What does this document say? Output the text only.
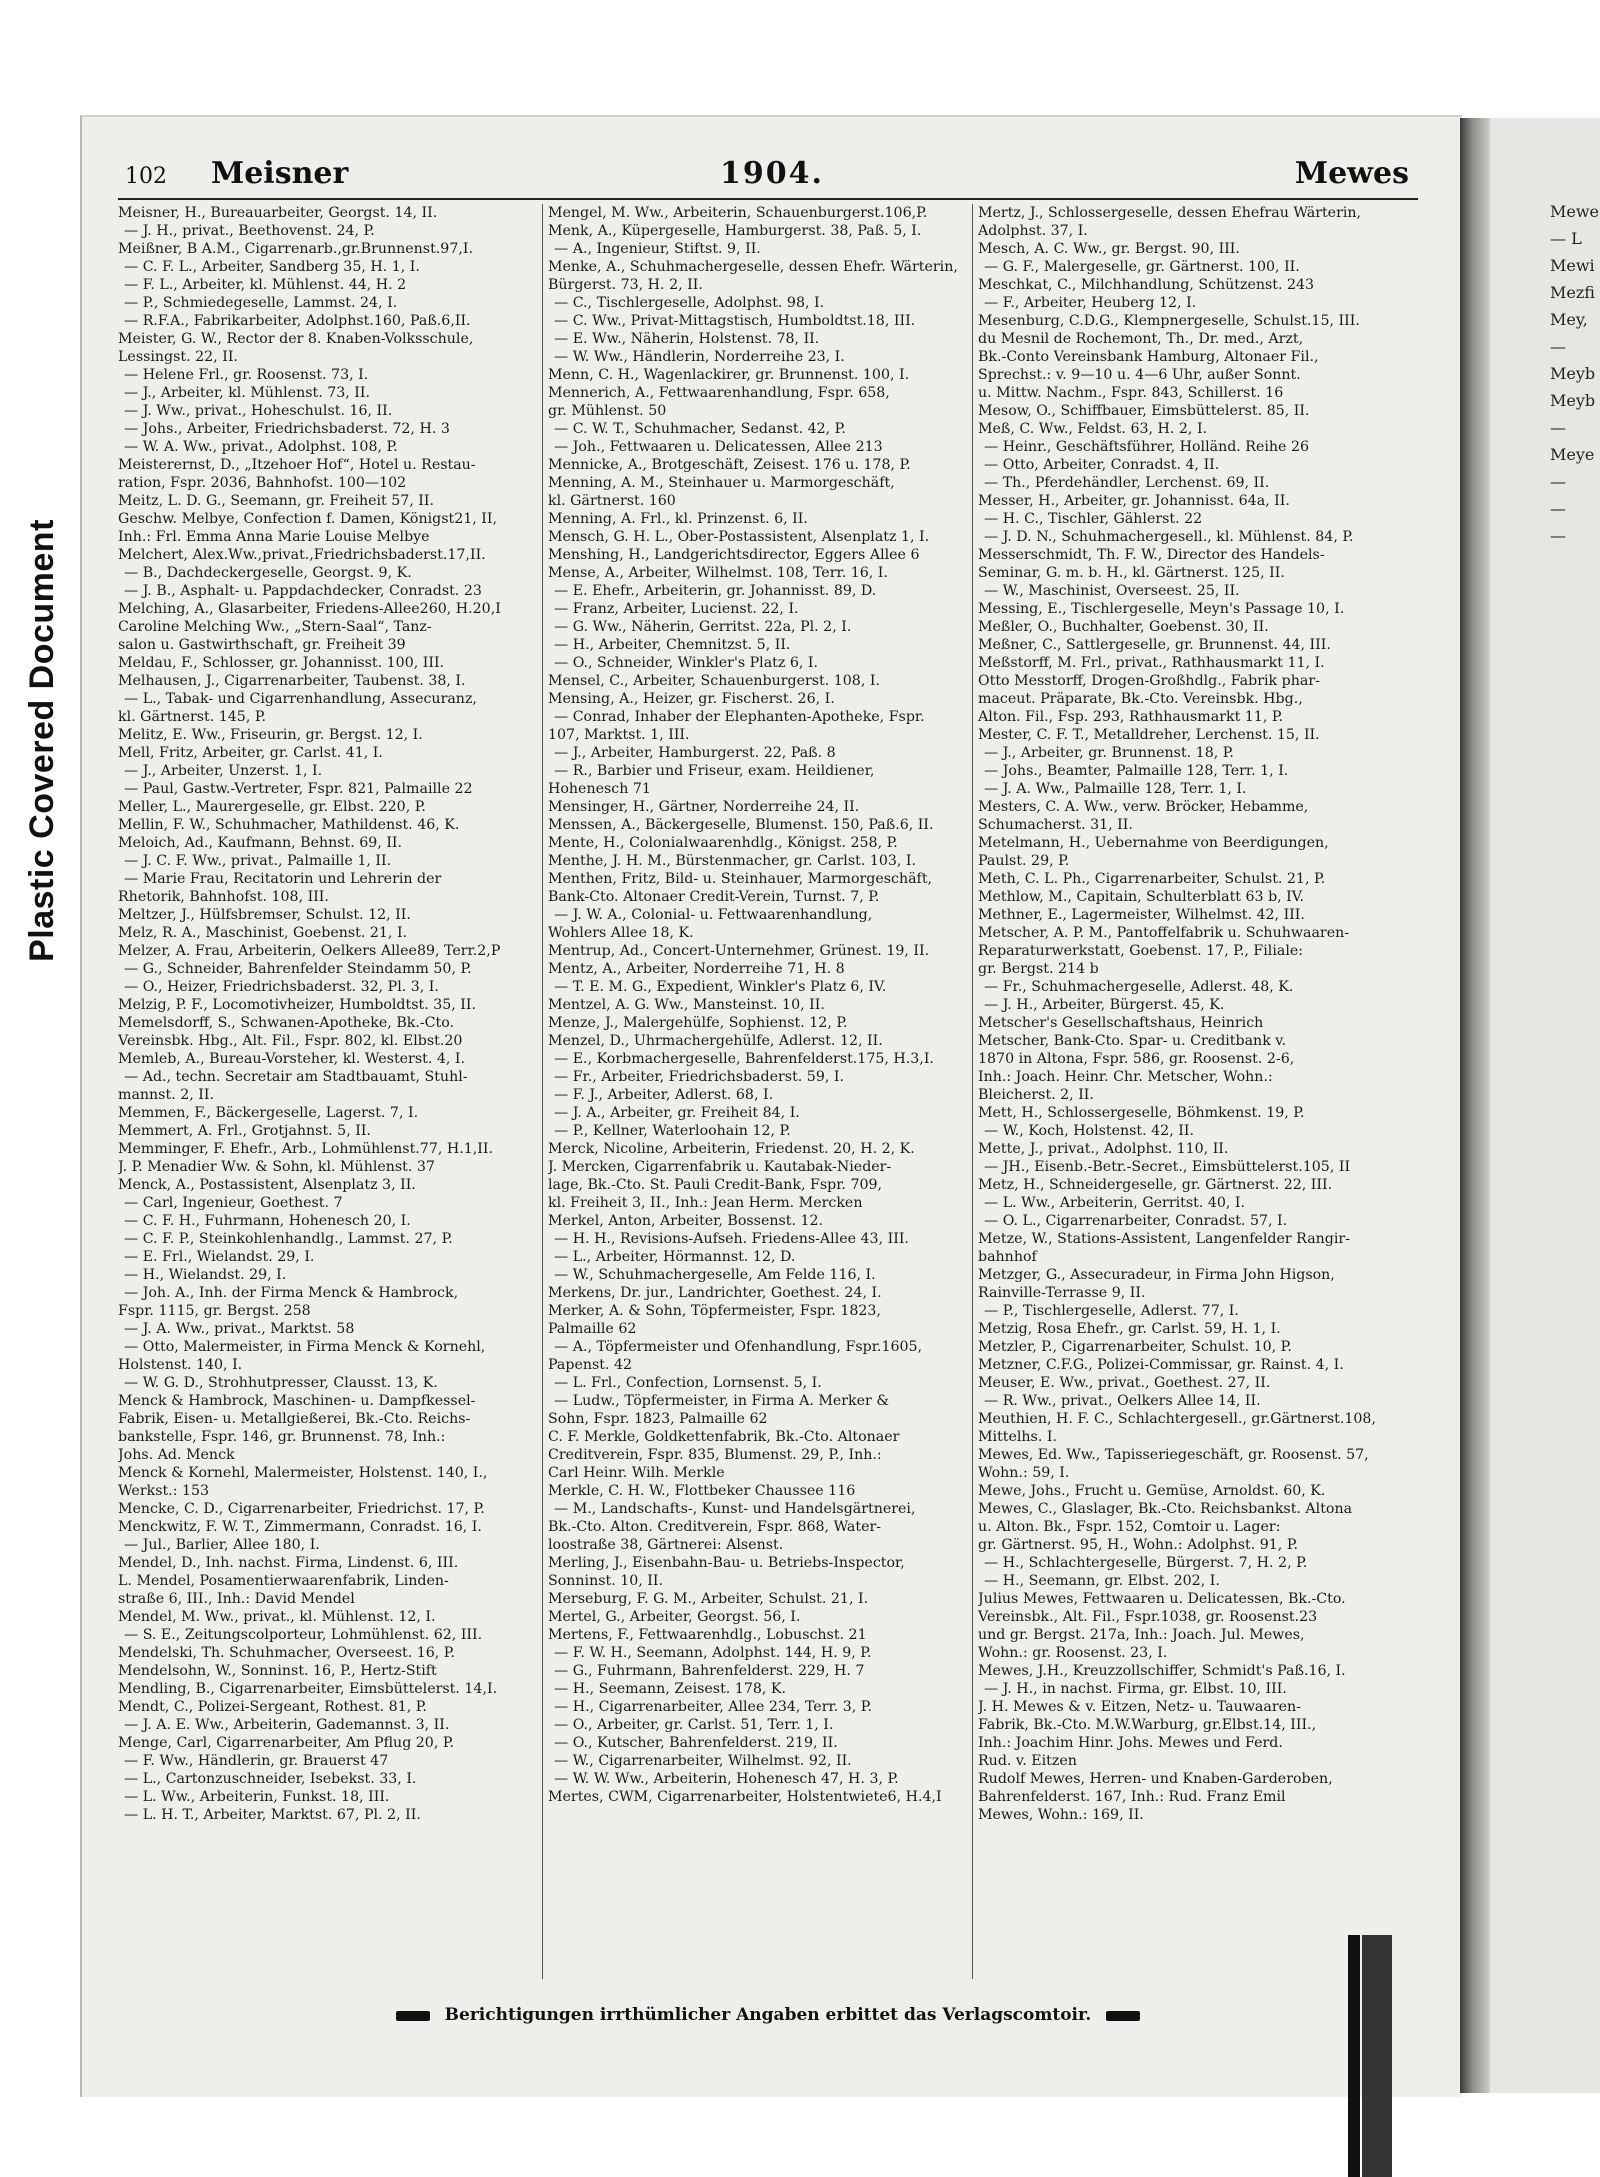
Plastic Covered Document
Mewe
— L
Mewi
Mezfi
Mey,
—
Meyb
Meyb
—
Meye
—
—
—
102 Meisner	1904.	Mewes
Meisner, H., Bureauarbeiter, Georgst. 14, II.
— J. H., privat., Beethovenst. 24, P.
Meißner, B A.M., Cigarrenarb.,gr.Brunnenst.97,I.
— C. F. L., Arbeiter, Sandberg 35, H. 1, I.
— F. L., Arbeiter, kl. Mühlenst. 44, H. 2
— P., Schmiedegeselle, Lammst. 24, I.
— R.F.A., Fabrikarbeiter, Adolphst.160, Paß.6,II.
Meister, G. W., Rector der 8. Knaben-Volksschule,
Lessingst. 22, II.
— Helene Frl., gr. Roosenst. 73, I.
— J., Arbeiter, kl. Mühlenst. 73, II.
— J. Ww., privat., Hoheschulst. 16, II.
— Johs., Arbeiter, Friedrichsbaderst. 72, H. 3
— W. A. Ww., privat., Adolphst. 108, P.
Meisterernst, D., „Itzehoer Hof“, Hotel u. Restau-
ration, Fspr. 2036, Bahnhofst. 100—102
Meitz, L. D. G., Seemann, gr. Freiheit 57, II.
Geschw. Melbye, Confection f. Damen, Königst21, II,
Inh.: Frl. Emma Anna Marie Louise Melbye
Melchert, Alex.Ww.,privat.,Friedrichsbaderst.17,II.
— B., Dachdeckergeselle, Georgst. 9, K.
— J. B., Asphalt- u. Pappdachdecker, Conradst. 23
Melching, A., Glasarbeiter, Friedens-Allee260, H.20,I
Caroline Melching Ww., „Stern-Saal“, Tanz-
salon u. Gastwirthschaft, gr. Freiheit 39
Meldau, F., Schlosser, gr. Johannisst. 100, III.
Melhausen, J., Cigarrenarbeiter, Taubenst. 38, I.
— L., Tabak- und Cigarrenhandlung, Assecuranz,
kl. Gärtnerst. 145, P.
Melitz, E. Ww., Friseurin, gr. Bergst. 12, I.
Mell, Fritz, Arbeiter, gr. Carlst. 41, I.
— J., Arbeiter, Unzerst. 1, I.
— Paul, Gastw.-Vertreter, Fspr. 821, Palmaille 22
Meller, L., Maurergeselle, gr. Elbst. 220, P.
Mellin, F. W., Schuhmacher, Mathildenst. 46, K.
Meloich, Ad., Kaufmann, Behnst. 69, II.
— J. C. F. Ww., privat., Palmaille 1, II.
— Marie Frau, Recitatorin und Lehrerin der
Rhetorik, Bahnhofst. 108, III.
Meltzer, J., Hülfsbremser, Schulst. 12, II.
Melz, R. A., Maschinist, Goebenst. 21, I.
Melzer, A. Frau, Arbeiterin, Oelkers Allee89, Terr.2,P
— G., Schneider, Bahrenfelder Steindamm 50, P.
— O., Heizer, Friedrichsbaderst. 32, Pl. 3, I.
Melzig, P. F., Locomotivheizer, Humboldtst. 35, II.
Memelsdorff, S., Schwanen-Apotheke, Bk.-Cto.
Vereinsbk. Hbg., Alt. Fil., Fspr. 802, kl. Elbst.20
Memleb, A., Bureau-Vorsteher, kl. Westerst. 4, I.
— Ad., techn. Secretair am Stadtbauamt, Stuhl-
mannst. 2, II.
Memmen, F., Bäckergeselle, Lagerst. 7, I.
Memmert, A. Frl., Grotjahnst. 5, II.
Memminger, F. Ehefr., Arb., Lohmühlenst.77, H.1,II.
J. P. Menadier Ww. & Sohn, kl. Mühlenst. 37
Menck, A., Postassistent, Alsenplatz 3, II.
— Carl, Ingenieur, Goethest. 7
— C. F. H., Fuhrmann, Hohenesch 20, I.
— C. F. P., Steinkohlenhandlg., Lammst. 27, P.
— E. Frl., Wielandst. 29, I.
— H., Wielandst. 29, I.
— Joh. A., Inh. der Firma Menck & Hambrock,
Fspr. 1115, gr. Bergst. 258
— J. A. Ww., privat., Marktst. 58
— Otto, Malermeister, in Firma Menck & Kornehl,
Holstenst. 140, I.
— W. G. D., Strohhutpresser, Clausst. 13, K.
Menck & Hambrock, Maschinen- u. Dampfkessel-
Fabrik, Eisen- u. Metallgießerei, Bk.-Cto. Reichs-
bankstelle, Fspr. 146, gr. Brunnenst. 78, Inh.:
Johs. Ad. Menck
Menck & Kornehl, Malermeister, Holstenst. 140, I.,
Werkst.: 153
Mencke, C. D., Cigarrenarbeiter, Friedrichst. 17, P.
Menckwitz, F. W. T., Zimmermann, Conradst. 16, I.
— Jul., Barlier, Allee 180, I.
Mendel, D., Inh. nachst. Firma, Lindenst. 6, III.
L. Mendel, Posamentierwaarenfabrik, Linden-
straße 6, III., Inh.: David Mendel
Mendel, M. Ww., privat., kl. Mühlenst. 12, I.
— S. E., Zeitungscolporteur, Lohmühlenst. 62, III.
Mendelski, Th. Schuhmacher, Overseest. 16, P.
Mendelsohn, W., Sonninst. 16, P., Hertz-Stift
Mendling, B., Cigarrenarbeiter, Eimsbüttelerst. 14,I.
Mendt, C., Polizei-Sergeant, Rothest. 81, P.
— J. A. E. Ww., Arbeiterin, Gademannst. 3, II.
Menge, Carl, Cigarrenarbeiter, Am Pflug 20, P.
— F. Ww., Händlerin, gr. Brauerst 47
— L., Cartonzuschneider, Isebekst. 33, I.
— L. Ww., Arbeiterin, Funkst. 18, III.
— L. H. T., Arbeiter, Marktst. 67, Pl. 2, II.
Mengel, M. Ww., Arbeiterin, Schauenburgerst.106,P.
Menk, A., Küpergeselle, Hamburgerst. 38, Paß. 5, I.
— A., Ingenieur, Stiftst. 9, II.
Menke, A., Schuhmachergeselle, dessen Ehefr. Wärterin,
Bürgerst. 73, H. 2, II.
— C., Tischlergeselle, Adolphst. 98, I.
— C. Ww., Privat-Mittagstisch, Humboldtst.18, III.
— E. Ww., Näherin, Holstenst. 78, II.
— W. Ww., Händlerin, Norderreihe 23, I.
Menn, C. H., Wagenlackirer, gr. Brunnenst. 100, I.
Mennerich, A., Fettwaarenhandlung, Fspr. 658,
gr. Mühlenst. 50
— C. W. T., Schuhmacher, Sedanst. 42, P.
— Joh., Fettwaaren u. Delicatessen, Allee 213
Mennicke, A., Brotgeschäft, Zeisest. 176 u. 178, P.
Menning, A. M., Steinhauer u. Marmorgeschäft,
kl. Gärtnerst. 160
Menning, A. Frl., kl. Prinzenst. 6, II.
Mensch, G. H. L., Ober-Postassistent, Alsenplatz 1, I.
Menshing, H., Landgerichtsdirector, Eggers Allee 6
Mense, A., Arbeiter, Wilhelmst. 108, Terr. 16, I.
— E. Ehefr., Arbeiterin, gr. Johannisst. 89, D.
— Franz, Arbeiter, Lucienst. 22, I.
— G. Ww., Näherin, Gerritst. 22a, Pl. 2, I.
— H., Arbeiter, Chemnitzst. 5, II.
— O., Schneider, Winkler's Platz 6, I.
Mensel, C., Arbeiter, Schauenburgerst. 108, I.
Mensing, A., Heizer, gr. Fischerst. 26, I.
— Conrad, Inhaber der Elephanten-Apotheke, Fspr.
107, Marktst. 1, III.
— J., Arbeiter, Hamburgerst. 22, Paß. 8
— R., Barbier und Friseur, exam. Heildiener,
Hohenesch 71
Mensinger, H., Gärtner, Norderreihe 24, II.
Menssen, A., Bäckergeselle, Blumenst. 150, Paß.6, II.
Mente, H., Colonialwaarenhdlg., Königst. 258, P.
Menthe, J. H. M., Bürstenmacher, gr. Carlst. 103, I.
Menthen, Fritz, Bild- u. Steinhauer, Marmorgeschäft,
Bank-Cto. Altonaer Credit-Verein, Turnst. 7, P.
— J. W. A., Colonial- u. Fettwaarenhandlung,
Wohlers Allee 18, K.
Mentrup, Ad., Concert-Unternehmer, Grünest. 19, II.
Mentz, A., Arbeiter, Norderreihe 71, H. 8
— T. E. M. G., Expedient, Winkler's Platz 6, IV.
Mentzel, A. G. Ww., Mansteinst. 10, II.
Menze, J., Malergehülfe, Sophienst. 12, P.
Menzel, D., Uhrmachergehülfe, Adlerst. 12, II.
— E., Korbmachergeselle, Bahrenfelderst.175, H.3,I.
— Fr., Arbeiter, Friedrichsbaderst. 59, I.
— F. J., Arbeiter, Adlerst. 68, I.
— J. A., Arbeiter, gr. Freiheit 84, I.
— P., Kellner, Waterloohain 12, P.
Merck, Nicoline, Arbeiterin, Friedenst. 20, H. 2, K.
J. Mercken, Cigarrenfabrik u. Kautabak-Nieder-
lage, Bk.-Cto. St. Pauli Credit-Bank, Fspr. 709,
kl. Freiheit 3, II., Inh.: Jean Herm. Mercken
Merkel, Anton, Arbeiter, Bossenst. 12.
— H. H., Revisions-Aufseh. Friedens-Allee 43, III.
— L., Arbeiter, Hörmannst. 12, D.
— W., Schuhmachergeselle, Am Felde 116, I.
Merkens, Dr. jur., Landrichter, Goethest. 24, I.
Merker, A. & Sohn, Töpfermeister, Fspr. 1823,
Palmaille 62
— A., Töpfermeister und Ofenhandlung, Fspr.1605,
Papenst. 42
— L. Frl., Confection, Lornsenst. 5, I.
— Ludw., Töpfermeister, in Firma A. Merker &
Sohn, Fspr. 1823, Palmaille 62
C. F. Merkle, Goldkettenfabrik, Bk.-Cto. Altonaer
Creditverein, Fspr. 835, Blumenst. 29, P., Inh.:
Carl Heinr. Wilh. Merkle
Merkle, C. H. W., Flottbeker Chaussee 116
— M., Landschafts-, Kunst- und Handelsgärtnerei,
Bk.-Cto. Alton. Creditverein, Fspr. 868, Water-
loostraße 38, Gärtnerei: Alsenst.
Merling, J., Eisenbahn-Bau- u. Betriebs-Inspector,
Sonninst. 10, II.
Merseburg, F. G. M., Arbeiter, Schulst. 21, I.
Mertel, G., Arbeiter, Georgst. 56, I.
Mertens, F., Fettwaarenhdlg., Lobuschst. 21
— F. W. H., Seemann, Adolphst. 144, H. 9, P.
— G., Fuhrmann, Bahrenfelderst. 229, H. 7
— H., Seemann, Zeisest. 178, K.
— H., Cigarrenarbeiter, Allee 234, Terr. 3, P.
— O., Arbeiter, gr. Carlst. 51, Terr. 1, I.
— O., Kutscher, Bahrenfelderst. 219, II.
— W., Cigarrenarbeiter, Wilhelmst. 92, II.
— W. W. Ww., Arbeiterin, Hohenesch 47, H. 3, P.
Mertes, CWM, Cigarrenarbeiter, Holstentwiete6, H.4,I
Mertz, J., Schlossergeselle, dessen Ehefrau Wärterin,
Adolphst. 37, I.
Mesch, A. C. Ww., gr. Bergst. 90, III.
— G. F., Malergeselle, gr. Gärtnerst. 100, II.
Meschkat, C., Milchhandlung, Schützenst. 243
— F., Arbeiter, Heuberg 12, I.
Mesenburg, C.D.G., Klempnergeselle, Schulst.15, III.
du Mesnil de Rochemont, Th., Dr. med., Arzt,
Bk.-Conto Vereinsbank Hamburg, Altonaer Fil.,
Sprechst.: v. 9—10 u. 4—6 Uhr, außer Sonnt.
u. Mittw. Nachm., Fspr. 843, Schillerst. 16
Mesow, O., Schiffbauer, Eimsbüttelerst. 85, II.
Meß, C. Ww., Feldst. 63, H. 2, I.
— Heinr., Geschäftsführer, Holländ. Reihe 26
— Otto, Arbeiter, Conradst. 4, II.
— Th., Pferdehändler, Lerchenst. 69, II.
Messer, H., Arbeiter, gr. Johannisst. 64a, II.
— H. C., Tischler, Gählerst. 22
— J. D. N., Schuhmachergesell., kl. Mühlenst. 84, P.
Messerschmidt, Th. F. W., Director des Handels-
Seminar, G. m. b. H., kl. Gärtnerst. 125, II.
— W., Maschinist, Overseest. 25, II.
Messing, E., Tischlergeselle, Meyn's Passage 10, I.
Meßler, O., Buchhalter, Goebenst. 30, II.
Meßner, C., Sattlergeselle, gr. Brunnenst. 44, III.
Meßstorff, M. Frl., privat., Rathhausmarkt 11, I.
Otto Messtorff, Drogen-Großhdlg., Fabrik phar-
maceut. Präparate, Bk.-Cto. Vereinsbk. Hbg.,
Alton. Fil., Fsp. 293, Rathhausmarkt 11, P.
Mester, C. F. T., Metalldreher, Lerchenst. 15, II.
— J., Arbeiter, gr. Brunnenst. 18, P.
— Johs., Beamter, Palmaille 128, Terr. 1, I.
— J. A. Ww., Palmaille 128, Terr. 1, I.
Mesters, C. A. Ww., verw. Bröcker, Hebamme,
Schumacherst. 31, II.
Metelmann, H., Uebernahme von Beerdigungen,
Paulst. 29, P.
Meth, C. L. Ph., Cigarrenarbeiter, Schulst. 21, P.
Methlow, M., Capitain, Schulterblatt 63 b, IV.
Methner, E., Lagermeister, Wilhelmst. 42, III.
Metscher, A. P. M., Pantoffelfabrik u. Schuhwaaren-
Reparaturwerkstatt, Goebenst. 17, P., Filiale:
gr. Bergst. 214 b
— Fr., Schuhmachergeselle, Adlerst. 48, K.
— J. H., Arbeiter, Bürgerst. 45, K.
Metscher's Gesellschaftshaus, Heinrich
Metscher, Bank-Cto. Spar- u. Creditbank v.
1870 in Altona, Fspr. 586, gr. Roosenst. 2-6,
Inh.: Joach. Heinr. Chr. Metscher, Wohn.:
Bleicherst. 2, II.
Mett, H., Schlossergeselle, Böhmkenst. 19, P.
— W., Koch, Holstenst. 42, II.
Mette, J., privat., Adolphst. 110, II.
— JH., Eisenb.-Betr.-Secret., Eimsbüttelerst.105, II
Metz, H., Schneidergeselle, gr. Gärtnerst. 22, III.
— L. Ww., Arbeiterin, Gerritst. 40, I.
— O. L., Cigarrenarbeiter, Conradst. 57, I.
Metze, W., Stations-Assistent, Langenfelder Rangir-
bahnhof
Metzger, G., Assecuradeur, in Firma John Higson,
Rainville-Terrasse 9, II.
— P., Tischlergeselle, Adlerst. 77, I.
Metzig, Rosa Ehefr., gr. Carlst. 59, H. 1, I.
Metzler, P., Cigarrenarbeiter, Schulst. 10, P.
Metzner, C.F.G., Polizei-Commissar, gr. Rainst. 4, I.
Meuser, E. Ww., privat., Goethest. 27, II.
— R. Ww., privat., Oelkers Allee 14, II.
Meuthien, H. F. C., Schlachtergesell., gr.Gärtnerst.108,
Mittelhs. I.
Mewes, Ed. Ww., Tapisseriegeschäft, gr. Roosenst. 57,
Wohn.: 59, I.
Mewe, Johs., Frucht u. Gemüse, Arnoldst. 60, K.
Mewes, C., Glaslager, Bk.-Cto. Reichsbankst. Altona
u. Alton. Bk., Fspr. 152, Comtoir u. Lager:
gr. Gärtnerst. 95, H., Wohn.: Adolphst. 91, P.
— H., Schlachtergeselle, Bürgerst. 7, H. 2, P.
— H., Seemann, gr. Elbst. 202, I.
Julius Mewes, Fettwaaren u. Delicatessen, Bk.-Cto.
Vereinsbk., Alt. Fil., Fspr.1038, gr. Roosenst.23
und gr. Bergst. 217a, Inh.: Joach. Jul. Mewes,
Wohn.: gr. Roosenst. 23, I.
Mewes, J.H., Kreuzzollschiffer, Schmidt's Paß.16, I.
— J. H., in nachst. Firma, gr. Elbst. 10, III.
J. H. Mewes & v. Eitzen, Netz- u. Tauwaaren-
Fabrik, Bk.-Cto. M.W.Warburg, gr.Elbst.14, III.,
Inh.: Joachim Hinr. Johs. Mewes und Ferd.
Rud. v. Eitzen
Rudolf Mewes, Herren- und Knaben-Garderoben,
Bahrenfelderst. 167, Inh.: Rud. Franz Emil
Mewes, Wohn.: 169, II.
Berichtigungen irrthümlicher Angaben erbittet das Verlagscomtoir.
